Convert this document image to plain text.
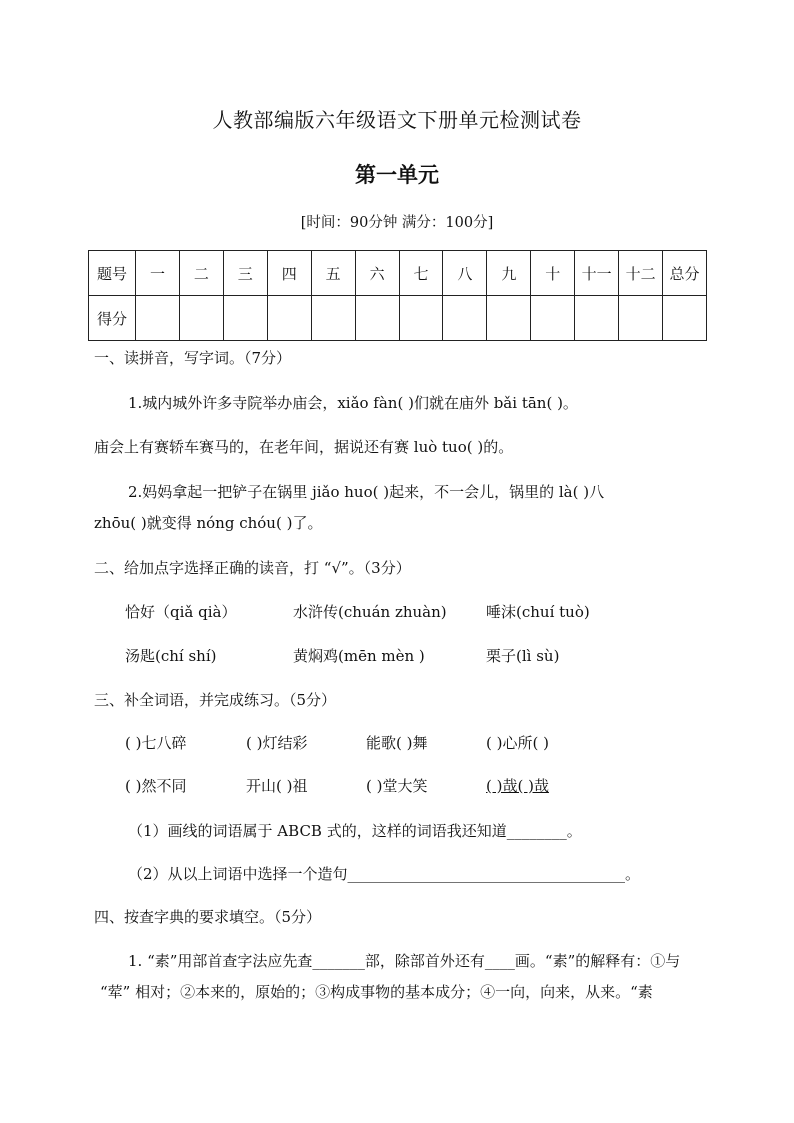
人教部编版六年级语文下册单元检测试卷
第一单元
[时间：90分钟 满分：100分]
题号	一	二	三	四	五	六	七	八	九	十	十一	十二	总分
得分													
一、读拼音，写字词。（7分）
1.城内城外许多寺院举办庙会，xiǎo fàn( )们就在庙外 bǎi tān( )。
庙会上有赛轿车赛马的，在老年间，据说还有赛 luò tuo( )的。
2.妈妈拿起一把铲子在锅里 jiǎo huo( )起来，不一会儿，锅里的 là( )八
zhōu( )就变得 nóng chóu( )了。
二、给加点字选择正确的读音，打 “√”。（3分）
恰好（qiǎ qià）	水浒传(chuán zhuàn)	唾沫(chuí tuò)
汤匙(chí shí)	黄焖鸡(mēn mèn )	栗子(lì sù)
三、补全词语，并完成练习。（5分）
( )七八碎	( )灯结彩	能歌( )舞	( )心所( )
( )然不同	开山( )祖	( )堂大笑	( )哉( )哉
（1）画线的词语属于 ABCB 式的，这样的词语我还知道________。
（2）从以上词语中选择一个造句_____________________________________。
四、按查字典的要求填空。（5分）
1. “素”用部首查字法应先查_______部，除部首外还有____画。“素”的解释有：①与
“荤” 相对；②本来的，原始的；③构成事物的基本成分；④一向，向来，从来。“素
